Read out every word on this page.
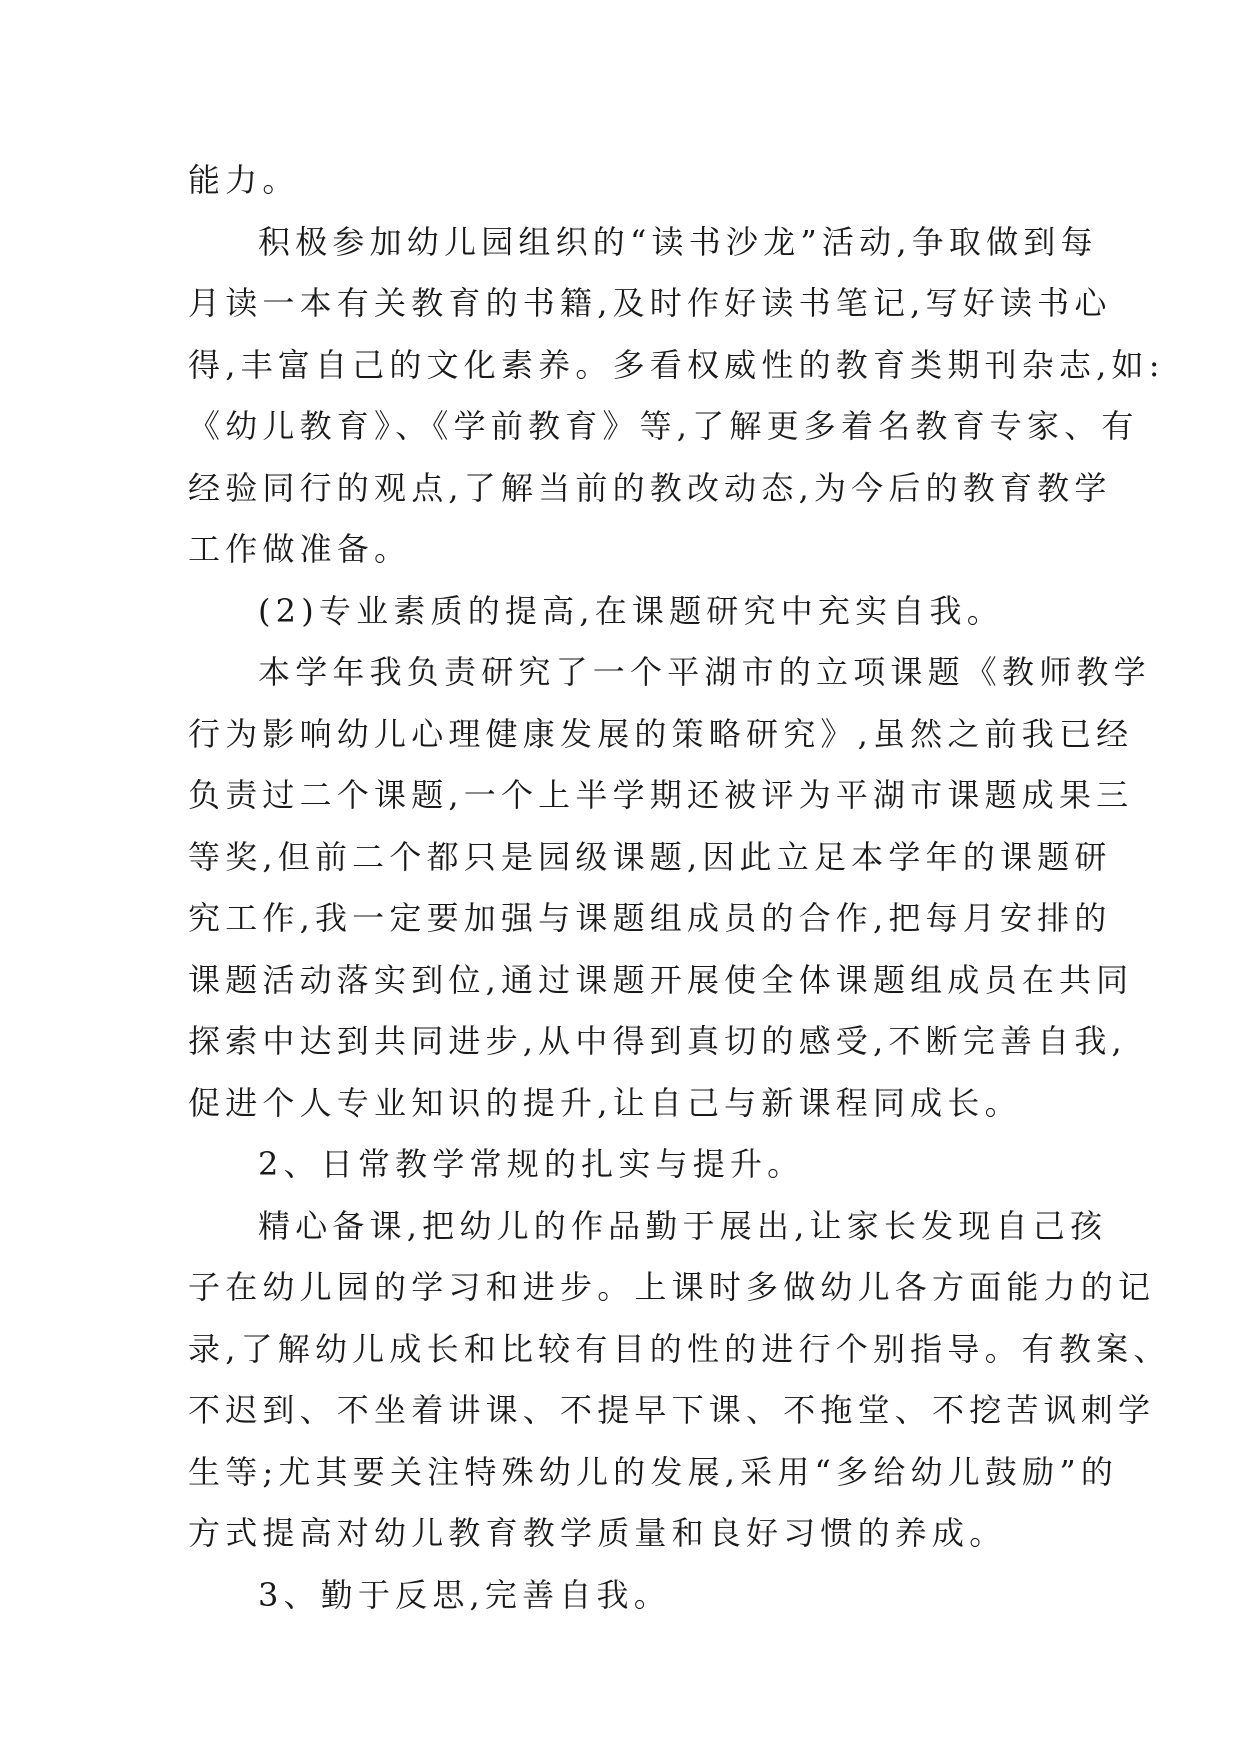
能力。
积极参加幼儿园组织的“读书沙龙”活动,争取做到每
月读一本有关教育的书籍,及时作好读书笔记,写好读书心
得,丰富自己的文化素养。多看权威性的教育类期刊杂志,如:
《幼儿教育》、《学前教育》等,了解更多着名教育专家、有
经验同行的观点,了解当前的教改动态,为今后的教育教学
工作做准备。
(2)专业素质的提高,在课题研究中充实自我。
本学年我负责研究了一个平湖市的立项课题《教师教学
行为影响幼儿心理健康发展的策略研究》,虽然之前我已经
负责过二个课题,一个上半学期还被评为平湖市课题成果三
等奖,但前二个都只是园级课题,因此立足本学年的课题研
究工作,我一定要加强与课题组成员的合作,把每月安排的
课题活动落实到位,通过课题开展使全体课题组成员在共同
探索中达到共同进步,从中得到真切的感受,不断完善自我,
促进个人专业知识的提升,让自己与新课程同成长。
2、日常教学常规的扎实与提升。
精心备课,把幼儿的作品勤于展出,让家长发现自己孩
子在幼儿园的学习和进步。上课时多做幼儿各方面能力的记
录,了解幼儿成长和比较有目的性的进行个别指导。有教案、
不迟到、不坐着讲课、不提早下课、不拖堂、不挖苦讽刺学
生等;尤其要关注特殊幼儿的发展,采用“多给幼儿鼓励”的
方式提高对幼儿教育教学质量和良好习惯的养成。
3、勤于反思,完善自我。
